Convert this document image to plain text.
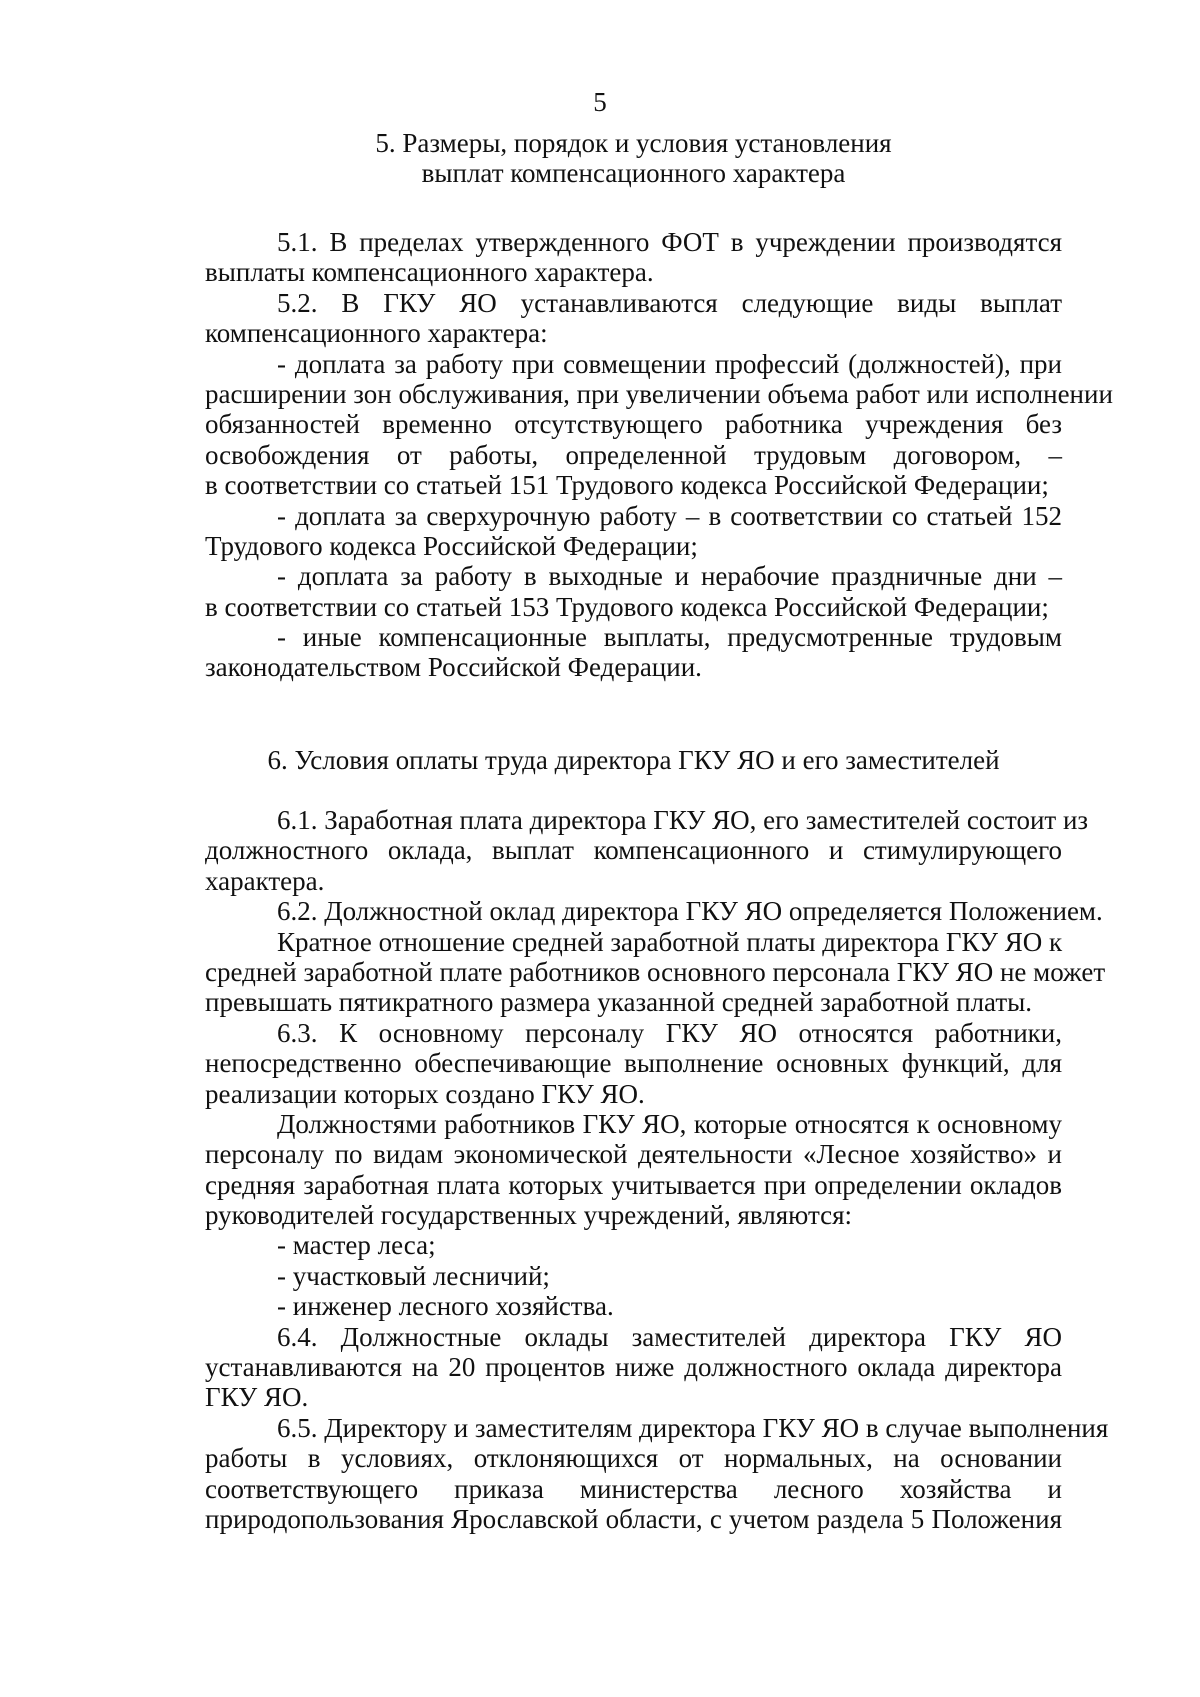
5
5. Размеры, порядок и условия установления
выплат компенсационного характера
5.1. В пределах утвержденного ФОТ в учреждении производятся
выплаты компенсационного характера.
5.2. В ГКУ ЯО устанавливаются следующие виды выплат
компенсационного характера:
- доплата за работу при совмещении профессий (должностей), при
расширении зон обслуживания, при увеличении объема работ или исполнении
обязанностей временно отсутствующего работника учреждения без
освобождения от работы, определенной трудовым договором, –
в соответствии со статьей 151 Трудового кодекса Российской Федерации;
- доплата за сверхурочную работу – в соответствии со статьей 152
Трудового кодекса Российской Федерации;
- доплата за работу в выходные и нерабочие праздничные дни –
в соответствии со статьей 153 Трудового кодекса Российской Федерации;
- иные компенсационные выплаты, предусмотренные трудовым
законодательством Российской Федерации.
6. Условия оплаты труда директора ГКУ ЯО и его заместителей
6.1. Заработная плата директора ГКУ ЯО, его заместителей состоит из
должностного оклада, выплат компенсационного и стимулирующего
характера.
6.2. Должностной оклад директора ГКУ ЯО определяется Положением.
Кратное отношение средней заработной платы директора ГКУ ЯО к
средней заработной плате работников основного персонала ГКУ ЯО не может
превышать пятикратного размера указанной средней заработной платы.
6.3. К основному персоналу ГКУ ЯО относятся работники,
непосредственно обеспечивающие выполнение основных функций, для
реализации которых создано ГКУ ЯО.
Должностями работников ГКУ ЯО, которые относятся к основному
персоналу по видам экономической деятельности «Лесное хозяйство» и
средняя заработная плата которых учитывается при определении окладов
руководителей государственных учреждений, являются:
- мастер леса;
- участковый лесничий;
- инженер лесного хозяйства.
6.4. Должностные оклады заместителей директора ГКУ ЯО
устанавливаются на 20 процентов ниже должностного оклада директора
ГКУ ЯО.
6.5. Директору и заместителям директора ГКУ ЯО в случае выполнения
работы в условиях, отклоняющихся от нормальных, на основании
соответствующего приказа министерства лесного хозяйства и
природопользования Ярославской области, с учетом раздела 5 Положения
